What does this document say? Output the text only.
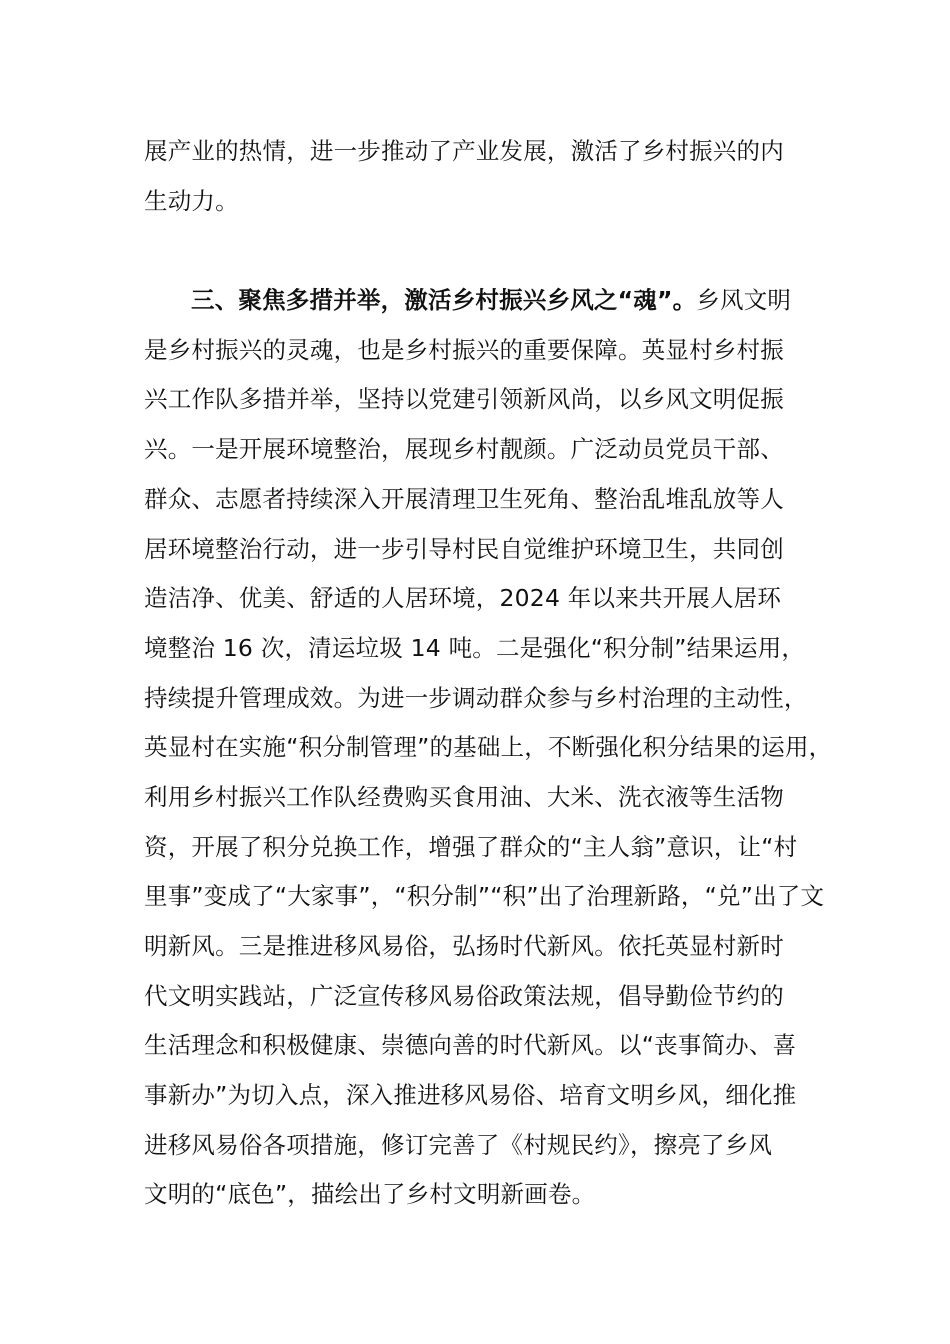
展产业的热情，进一步推动了产业发展，激活了乡村振兴的内
生动力。
三、聚焦多措并举，激活乡村振兴乡风之“魂”。乡风文明
是乡村振兴的灵魂，也是乡村振兴的重要保障。英显村乡村振
兴工作队多措并举，坚持以党建引领新风尚，以乡风文明促振
兴。一是开展环境整治，展现乡村靓颜。广泛动员党员干部、
群众、志愿者持续深入开展清理卫生死角、整治乱堆乱放等人
居环境整治行动，进一步引导村民自觉维护环境卫生，共同创
造洁净、优美、舒适的人居环境，2024 年以来共开展人居环
境整治 16 次，清运垃圾 14 吨。二是强化“积分制”结果运用，
持续提升管理成效。为进一步调动群众参与乡村治理的主动性，
英显村在实施“积分制管理”的基础上，不断强化积分结果的运用，
利用乡村振兴工作队经费购买食用油、大米、洗衣液等生活物
资，开展了积分兑换工作，增强了群众的“主人翁”意识，让“村
里事”变成了“大家事”，“积分制”“积”出了治理新路，“兑”出了文
明新风。三是推进移风易俗，弘扬时代新风。依托英显村新时
代文明实践站，广泛宣传移风易俗政策法规，倡导勤俭节约的
生活理念和积极健康、崇德向善的时代新风。以“丧事简办、喜
事新办”为切入点，深入推进移风易俗、培育文明乡风，细化推
进移风易俗各项措施，修订完善了《村规民约》，擦亮了乡风
文明的“底色”，描绘出了乡村文明新画卷。
